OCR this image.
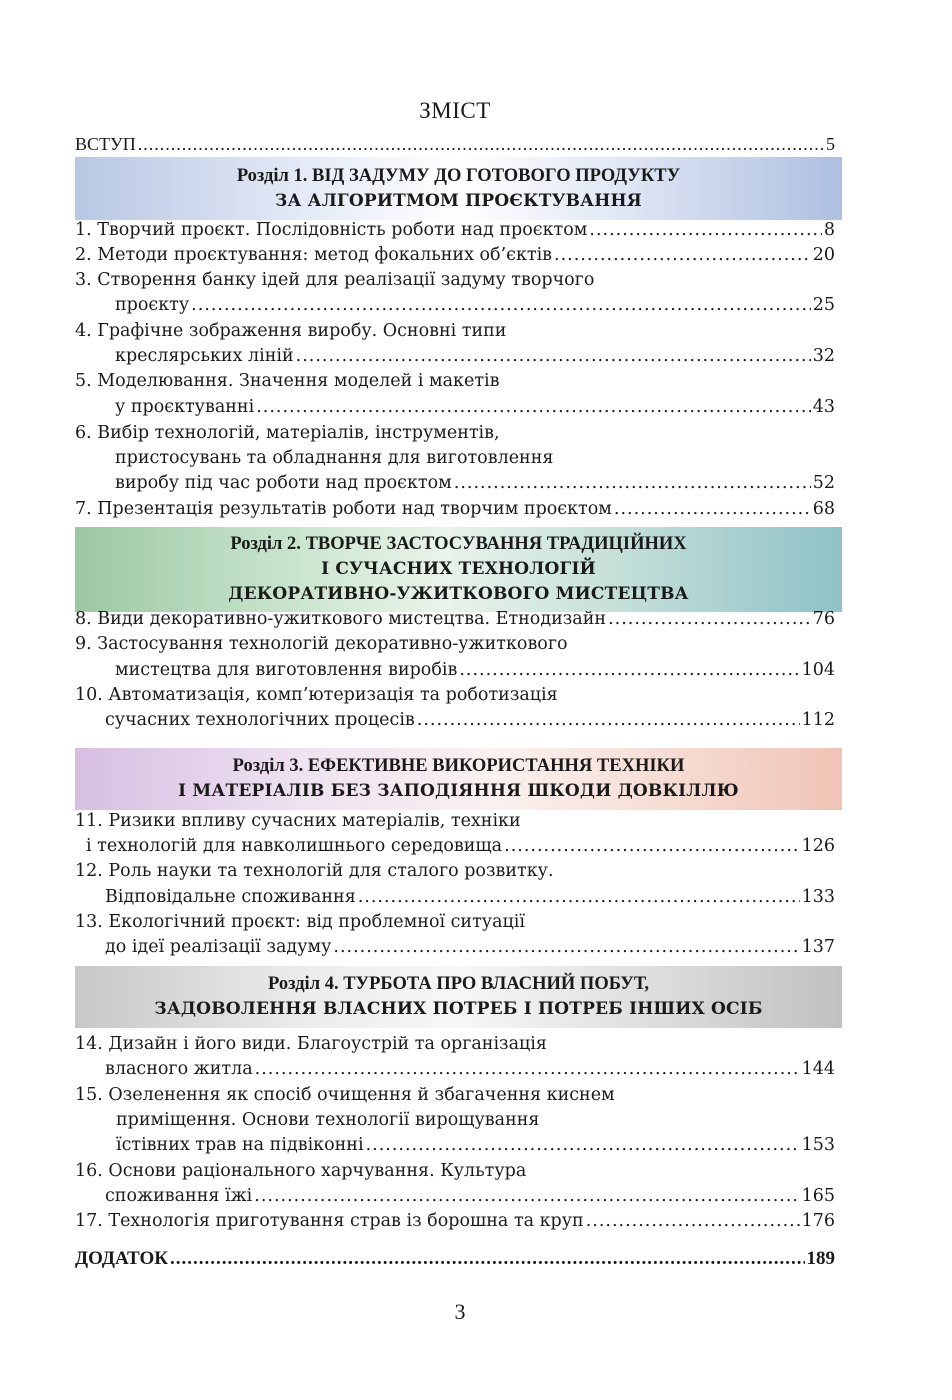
ЗМІСТ
ВСТУП .....	5
Розділ 1. ВІД ЗАДУМУ ДО ГОТОВОГО ПРОДУКТУ
ЗА АЛГОРИТМОМ ПРОЄКТУВАННЯ
1. Творчий проєкт. Послідовність роботи над проєктом .....	8
2. Методи проєктування: метод фокальних об’єктів .....	20
3. Створення банку ідей для реалізації задуму творчого
проєкту .....	25
4. Графічне зображення виробу. Основні типи
креслярських ліній .....	32
5. Моделювання. Значення моделей і макетів
у проєктуванні .....	43
6. Вибір технологій, матеріалів, інструментів,
пристосувань та обладнання для виготовлення
виробу під час роботи над проєктом .....	52
7. Презентація результатів роботи над творчим проєктом .....	68
Розділ 2. ТВОРЧЕ ЗАСТОСУВАННЯ ТРАДИЦІЙНИХ
І СУЧАСНИХ ТЕХНОЛОГІЙ
ДЕКОРАТИВНО-УЖИТКОВОГО МИСТЕЦТВА
8. Види декоративно-ужиткового мистецтва. Етнодизайн .....	76
9. Застосування технологій декоративно-ужиткового
мистецтва для виготовлення виробів .....	104
10. Автоматизація, комп’ютеризація та роботизація
сучасних технологічних процесів .....	112
Розділ 3. ЕФЕКТИВНЕ ВИКОРИСТАННЯ ТЕХНІКИ
І МАТЕРІАЛІВ БЕЗ ЗАПОДІЯННЯ ШКОДИ ДОВКІЛЛЮ
11. Ризики впливу сучасних матеріалів, техніки
і технологій для навколишнього середовища .....	126
12. Роль науки та технологій для сталого розвитку.
Відповідальне споживання .....	133
13. Екологічний проєкт: від проблемної ситуації
до ідеї реалізації задуму .....	137
Розділ 4. ТУРБОТА ПРО ВЛАСНИЙ ПОБУТ,
ЗАДОВОЛЕННЯ ВЛАСНИХ ПОТРЕБ І ПОТРЕБ ІНШИХ ОСІБ
14. Дизайн і його види. Благоустрій та організація
власного житла .....	144
15. Озеленення як спосіб очищення й збагачення киснем
приміщення. Основи технології вирощування
їстівних трав на підвіконні .....	153
16. Основи раціонального харчування. Культура
споживання їжі .....	165
17. Технологія приготування страв із борошна та круп .....	176
ДОДАТОК .....	189
3
